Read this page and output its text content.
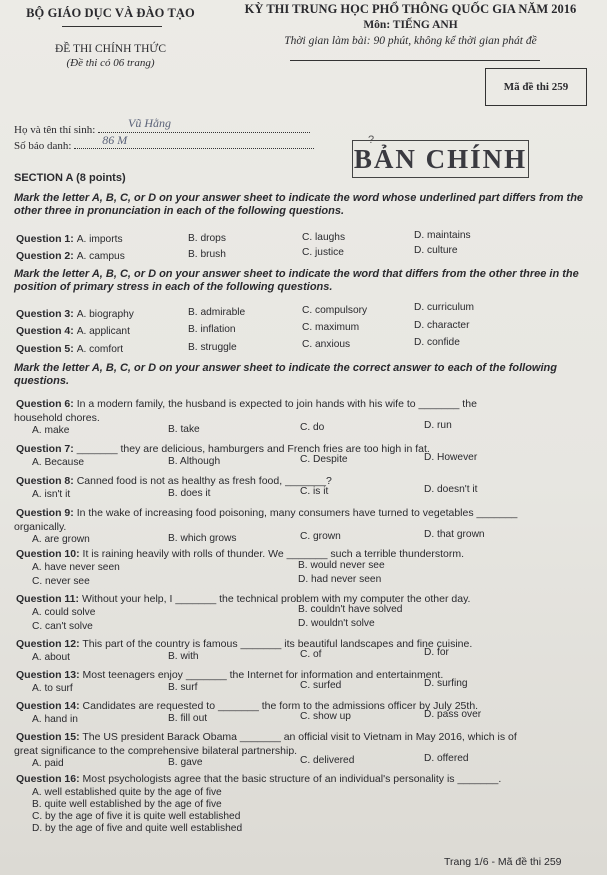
BỘ GIÁO DỤC VÀ ĐÀO TẠO
ĐỀ THI CHÍNH THỨC
(Đề thi có 06 trang)
KỲ THI TRUNG HỌC PHỔ THÔNG QUỐC GIA NĂM 2016
Môn: TIẾNG ANH
Thời gian làm bài: 90 phút, không kể thời gian phát đề
Mã đề thi 259
Họ và tên thí sinh:	Vũ Hằng
Số báo danh:	86 M	?
BẢN CHÍNH
SECTION A (8 points)
Mark the letter A, B, C, or D on your answer sheet to indicate the word whose underlined part differs from the other three in pronunciation in each of the following questions.
Question 1: A. imports	B. drops	C. laughs	D. maintains
Question 2: A. campus	B. brush	C. justice	D. culture
Mark the letter A, B, C, or D on your answer sheet to indicate the word that differs from the other three in the position of primary stress in each of the following questions.
Question 3: A. biography	B. admirable	C. compulsory	D. curriculum
Question 4: A. applicant	B. inflation	C. maximum	D. character
Question 5: A. comfort	B. struggle	C. anxious	D. confide
Mark the letter A, B, C, or D on your answer sheet to indicate the correct answer to each of the following questions.
Question 6: In a modern family, the husband is expected to join hands with his wife to _______ the
household chores.
A. make	B. take	C. do	D. run
Question 7: _______ they are delicious, hamburgers and French fries are too high in fat.
A. Because	B. Although	C. Despite	D. However
Question 8: Canned food is not as healthy as fresh food, _______?
A. isn't it	B. does it	C. is it	D. doesn't it
Question 9: In the wake of increasing food poisoning, many consumers have turned to vegetables _______
organically.
A. are grown	B. which grows	C. grown	D. that grown
Question 10: It is raining heavily with rolls of thunder. We _______ such a terrible thunderstorm.
A. have never seen	B. would never see
C. never see	D. had never seen
Question 11: Without your help, I _______ the technical problem with my computer the other day.
A. could solve	B. couldn't have solved
C. can't solve	D. wouldn't solve
Question 12: This part of the country is famous _______ its beautiful landscapes and fine cuisine.
A. about	B. with	C. of	D. for
Question 13: Most teenagers enjoy _______ the Internet for information and entertainment.
A. to surf	B. surf	C. surfed	D. surfing
Question 14: Candidates are requested to _______ the form to the admissions officer by July 25th.
A. hand in	B. fill out	C. show up	D. pass over
Question 15: The US president Barack Obama _______ an official visit to Vietnam in May 2016, which is of
great significance to the comprehensive bilateral partnership.
A. paid	B. gave	C. delivered	D. offered
Question 16: Most psychologists agree that the basic structure of an individual's personality is _______.
A. well established quite by the age of five
B. quite well established by the age of five
C. by the age of five it is quite well established
D. by the age of five and quite well established
Trang 1/6 - Mã đề thi 259
